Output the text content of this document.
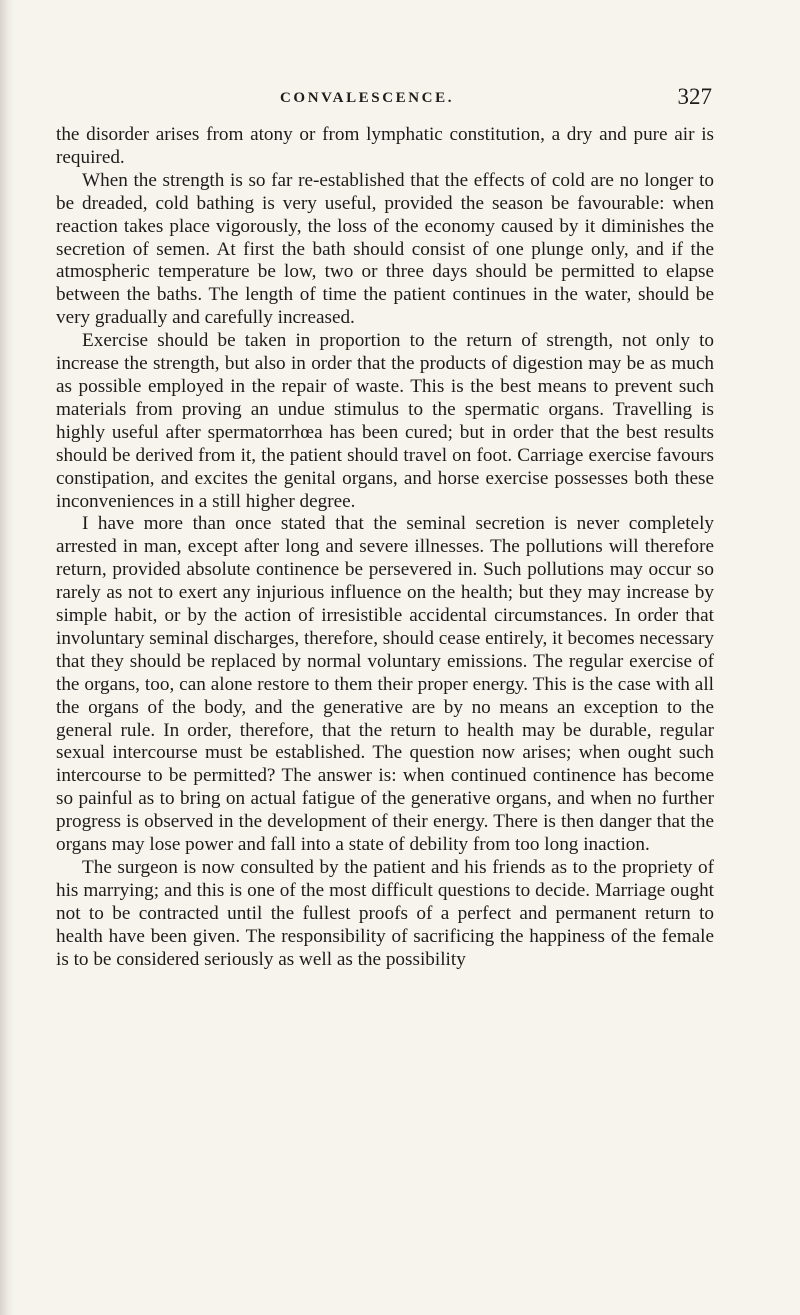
CONVALESCENCE.	327

the disorder arises from atony or from lymphatic constitution, a dry and pure air is required.

When the strength is so far re-established that the effects of cold are no longer to be dreaded, cold bathing is very useful, provided the season be favourable: when reaction takes place vigorously, the loss of the economy caused by it diminishes the secretion of semen. At first the bath should consist of one plunge only, and if the atmospheric temperature be low, two or three days should be permitted to elapse between the baths. The length of time the patient continues in the water, should be very gradually and carefully increased.

Exercise should be taken in proportion to the return of strength, not only to increase the strength, but also in order that the products of digestion may be as much as possible employed in the repair of waste. This is the best means to prevent such materials from proving an undue stimulus to the spermatic organs. Travelling is highly useful after spermatorrhœa has been cured; but in order that the best results should be derived from it, the patient should travel on foot. Carriage exercise favours constipation, and excites the genital organs, and horse exercise possesses both these inconveniences in a still higher degree.

I have more than once stated that the seminal secretion is never completely arrested in man, except after long and severe illnesses. The pollutions will therefore return, provided absolute continence be persevered in. Such pollutions may occur so rarely as not to exert any injurious influence on the health; but they may increase by simple habit, or by the action of irresistible accidental circumstances. In order that involuntary seminal discharges, therefore, should cease entirely, it becomes necessary that they should be replaced by normal voluntary emissions. The regular exercise of the organs, too, can alone restore to them their proper energy. This is the case with all the organs of the body, and the generative are by no means an exception to the general rule. In order, therefore, that the return to health may be durable, regular sexual intercourse must be established. The question now arises; when ought such intercourse to be permitted? The answer is: when continued continence has become so painful as to bring on actual fatigue of the generative organs, and when no further progress is observed in the development of their energy. There is then danger that the organs may lose power and fall into a state of debility from too long inaction.

The surgeon is now consulted by the patient and his friends as to the propriety of his marrying; and this is one of the most difficult questions to decide. Marriage ought not to be contracted until the fullest proofs of a perfect and permanent return to health have been given. The responsibility of sacrificing the happiness of the female is to be considered seriously as well as the possibility
